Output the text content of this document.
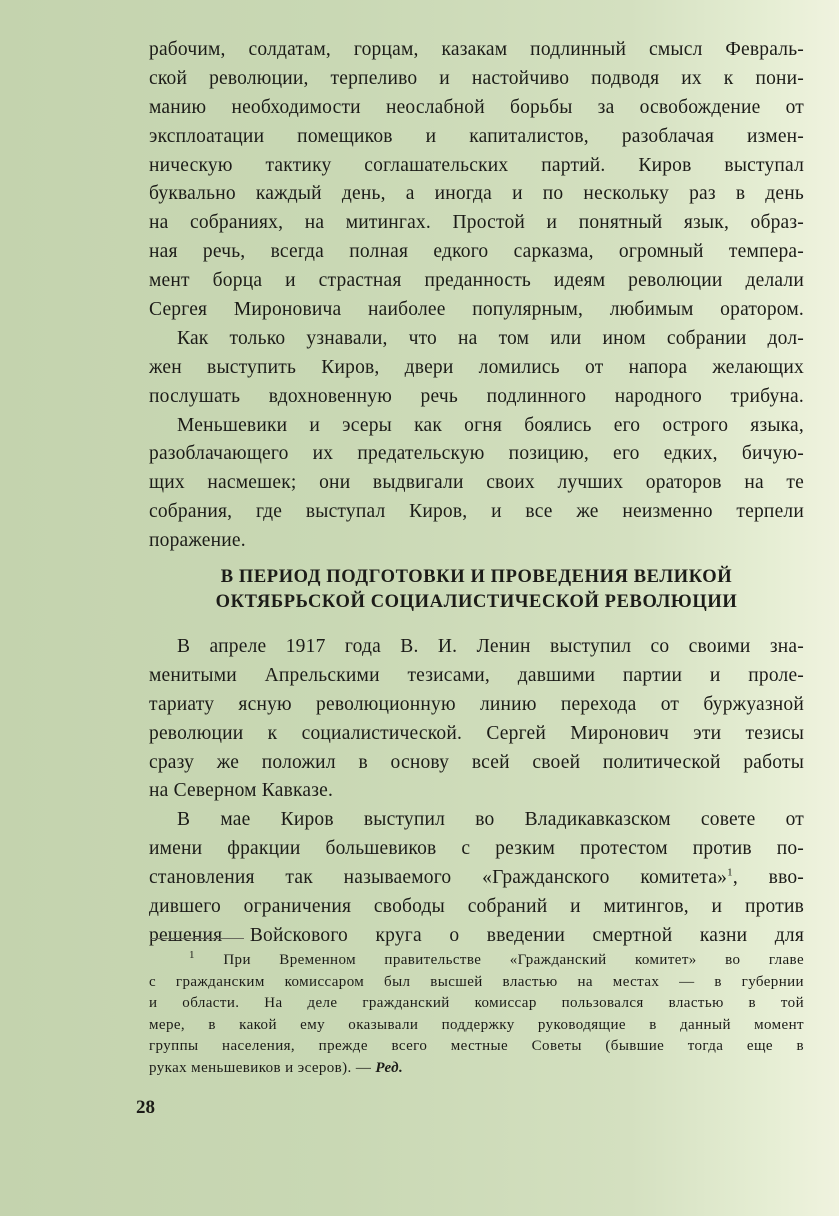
рабочим, солдатам, горцам, казакам подлинный смысл Февраль-
ской революции, терпеливо и настойчиво подводя их к пони-
манию необходимости неослабной борьбы за освобождение от
эксплоатации помещиков и капиталистов, разоблачая измен-
ническую тактику соглашательских партий. Киров выступал
буквально каждый день, а иногда и по нескольку раз в день
на собраниях, на митингах. Простой и понятный язык, образ-
ная речь, всегда полная едкого сарказма, огромный темпера-
мент борца и страстная преданность идеям революции делали
Сергея Мироновича наиболее популярным, любимым оратором.
Как только узнавали, что на том или ином собрании дол-
жен выступить Киров, двери ломились от напора желающих
послушать вдохновенную речь подлинного народного трибуна.
Меньшевики и эсеры как огня боялись его острого языка,
разоблачающего их предательскую позицию, его едких, бичую-
щих насмешек; они выдвигали своих лучших ораторов на те
собрания, где выступал Киров, и все же неизменно терпели
поражение.
В ПЕРИОД ПОДГОТОВКИ И ПРОВЕДЕНИЯ ВЕЛИКОЙ
ОКТЯБРЬСКОЙ СОЦИАЛИСТИЧЕСКОЙ РЕВОЛЮЦИИ
В апреле 1917 года В. И. Ленин выступил со своими зна-
менитыми Апрельскими тезисами, давшими партии и проле-
тариату ясную революционную линию перехода от буржуазной
революции к социалистической. Сергей Миронович эти тезисы
сразу же положил в основу всей своей политической работы
на Северном Кавказе.
В мае Киров выступил во Владикавказском совете от
имени фракции большевиков с резким протестом против по-
становления так называемого «Гражданского комитета»$^1$, вво-
дившего ограничения свободы собраний и митингов, и против
решения Войскового круга о введении смертной казни для
$^1$ При Временном правительстве «Гражданский комитет» во главе
с гражданским комиссаром был высшей властью на местах — в губернии
и области. На деле гражданский комиссар пользовался властью в той
мере, в какой ему оказывали поддержку руководящие в данный момент
группы населения, прежде всего местные Советы (бывшие тогда еще в
руках меньшевиков и эсеров). — Ред.
28
